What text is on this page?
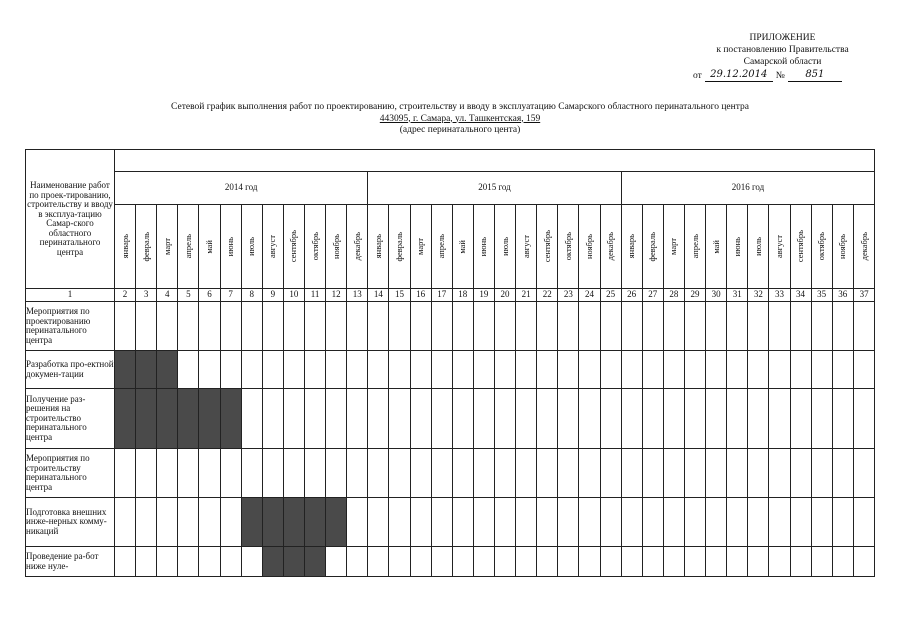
ПРИЛОЖЕНИЕ
к постановлению Правительства
Самарской области
от 29.12.2014 №	851
Сетевой график выполнения работ по проектированию, строительству и вводу в эксплуатацию Самарского областного перинатального центра
443095, г. Самара, ул. Ташкентская, 159
(адрес перинатального цента)
Наименование работ по проек-тированию, строительству и вводу в эксплуа-тацию Самар-ского областного перинатального центра																																				
	2014 год												2015 год												2016 год											

	январь	февраль	март	апрель	май	июнь	июль	август	сентябрь	октябрь	ноябрь	декабрь	январь	февраль	март	апрель	май	июнь	июль	август	сентябрь	октябрь	ноябрь	декабрь	январь	февраль	март	апрель	май	июнь	июль	август	сентябрь	октябрь	ноябрь	декабрь

1	2	3	4	5	6	7	8	9	10	11	12	13	14	15	16	17	18	19	20	21	22	23	24	25	26	27	28	29	30	31	32	33	34	35	36	37
Мероприятия по проектированию перинатального центра																																				
Разработка про-ектной докумен-тации																																				
Получение раз-решения на строительство перинатального центра																																				
Мероприятия по строительству перинатального центра																																				
Подготовка внешних инже-нерных комму-никаций																																				
Проведение ра-бот ниже нуле-																																				
